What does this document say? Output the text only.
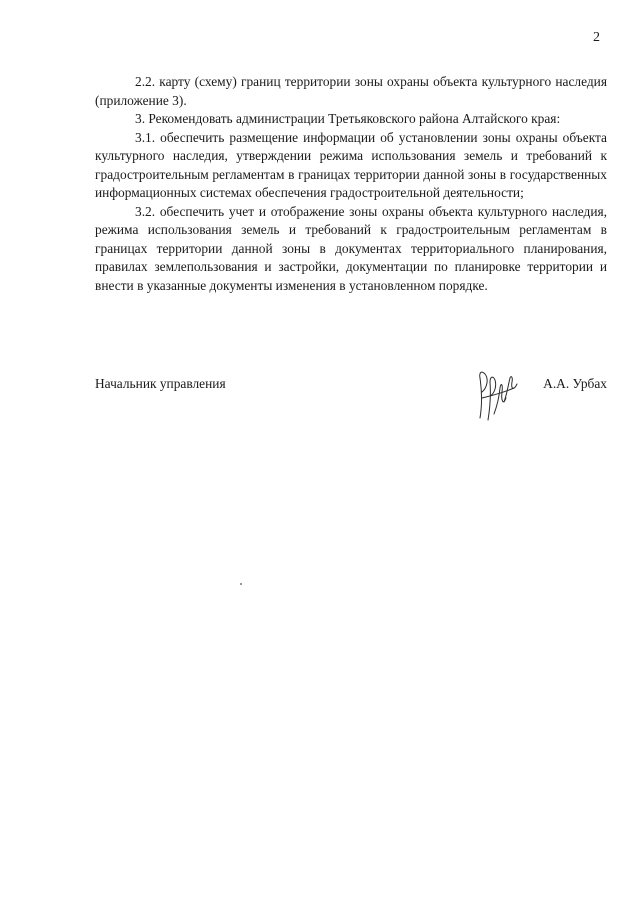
2

2.2. карту (схему) границ территории зоны охраны объекта культурного наследия (приложение 3).

3. Рекомендовать администрации Третьяковского района Алтайского края:

3.1. обеспечить размещение информации об установлении зоны охраны объекта культурного наследия, утверждении режима использования земель и требований к градостроительным регламентам в границах территории данной зоны в государственных информационных системах обеспечения градостроительной деятельности;

3.2. обеспечить учет и отображение зоны охраны объекта культурного наследия, режима использования земель и требований к градостроительным регламентам в границах территории данной зоны в документах территориального планирования, правилах землепользования и застройки, документации по планировке территории и внести в указанные документы изменения в установленном порядке.

Начальник управления	А.А. Урбах
